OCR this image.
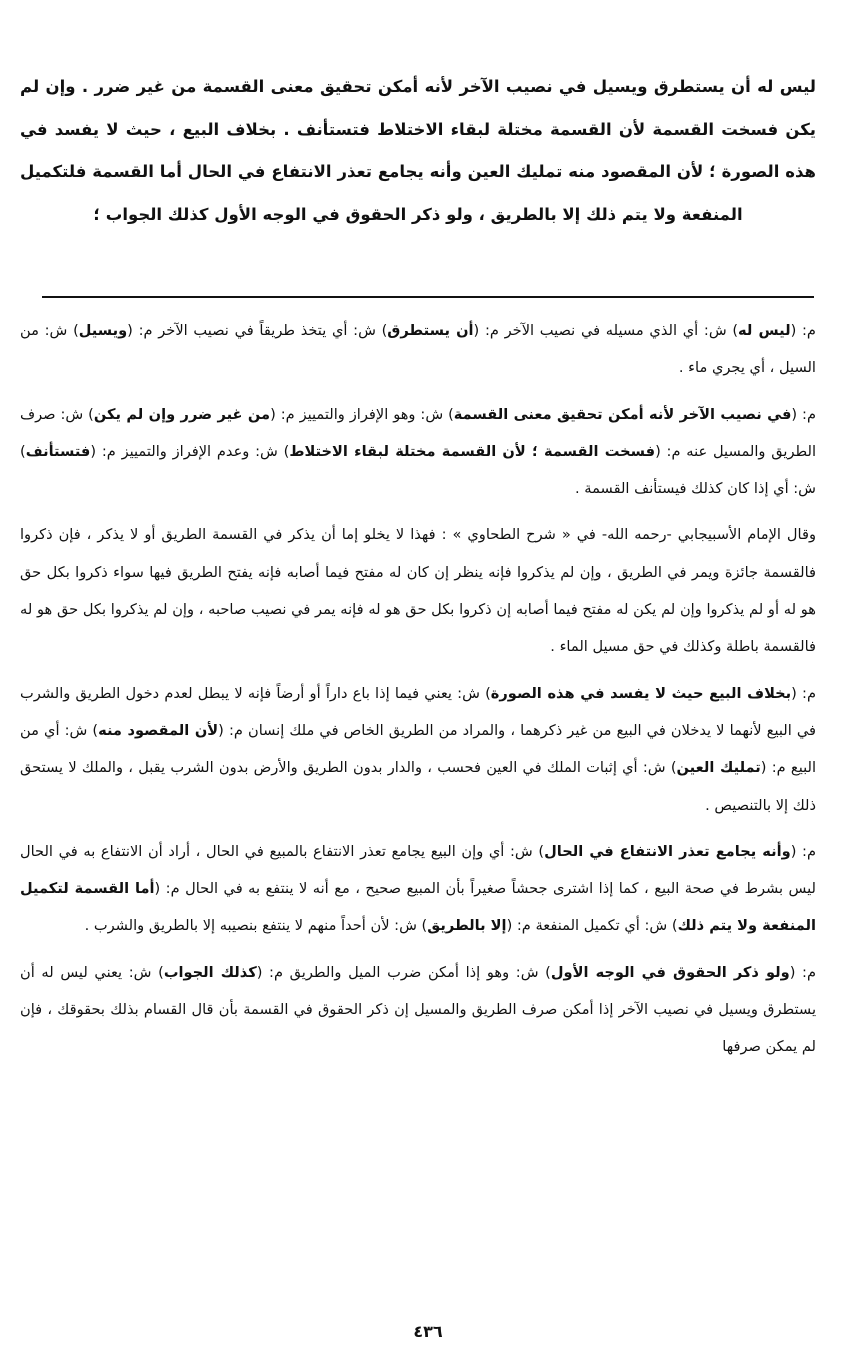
ليس له أن يستطرق ويسيل في نصيب الآخر لأنه أمكن تحقيق معنى القسمة من غير ضرر . وإن لم يكن فسخت القسمة لأن القسمة مختلة لبقاء الاختلاط فتستأنف . بخلاف البيع ، حيث لا يفسد في هذه الصورة ؛ لأن المقصود منه تمليك العين وأنه يجامع تعذر الانتفاع في الحال أما القسمة فلتكميل المنفعة ولا يتم ذلك إلا بالطريق ، ولو ذكر الحقوق في الوجه الأول كذلك الجواب ؛

م: (ليس له) ش: أي الذي مسيله في نصيب الآخر م: (أن يستطرق) ش: أي يتخذ طريقاً في نصيب الآخر م: (ويسيل) ش: من السيل ، أي يجري ماء .

م: (في نصيب الآخر لأنه أمكن تحقيق معنى القسمة) ش: وهو الإفراز والتمييز م: (من غير ضرر وإن لم يكن) ش: صرف الطريق والمسيل عنه م: (فسخت القسمة ؛ لأن القسمة مختلة لبقاء الاختلاط) ش: وعدم الإفراز والتمييز م: (فتستأنف) ش: أي إذا كان كذلك فيستأنف القسمة .

وقال الإمام الأسبيجابي -رحمه الله- في « شرح الطحاوي » : فهذا لا يخلو إما أن يذكر في القسمة الطريق أو لا يذكر ، فإن ذكروا فالقسمة جائزة ويمر في الطريق ، وإن لم يذكروا فإنه ينظر إن كان له مفتح فيما أصابه فإنه يفتح الطريق فيها سواء ذكروا بكل حق هو له أو لم يذكروا وإن لم يكن له مفتح فيما أصابه إن ذكروا بكل حق هو له فإنه يمر في نصيب صاحبه ، وإن لم يذكروا بكل حق هو له فالقسمة باطلة وكذلك في حق مسيل الماء .

م: (بخلاف البيع حيث لا يفسد في هذه الصورة) ش: يعني فيما إذا باع داراً أو أرضاً فإنه لا يبطل لعدم دخول الطريق والشرب في البيع لأنهما لا يدخلان في البيع من غير ذكرهما ، والمراد من الطريق الخاص في ملك إنسان م: (لأن المقصود منه) ش: أي من البيع م: (تمليك العين) ش: أي إثبات الملك في العين فحسب ، والدار بدون الطريق والأرض بدون الشرب يقبل ، والملك لا يستحق ذلك إلا بالتنصيص .

م: (وأنه يجامع تعذر الانتفاع في الحال) ش: أي وإن البيع يجامع تعذر الانتفاع بالمبيع في الحال ، أراد أن الانتفاع به في الحال ليس بشرط في صحة البيع ، كما إذا اشترى جحشاً صغيراً بأن المبيع صحيح ، مع أنه لا ينتفع به في الحال م: (أما القسمة لتكميل المنفعة ولا يتم ذلك) ش: أي تكميل المنفعة م: (إلا بالطريق) ش: لأن أحداً منهم لا ينتفع بنصيبه إلا بالطريق والشرب .

م: (ولو ذكر الحقوق في الوجه الأول) ش: وهو إذا أمكن ضرب الميل والطريق م: (كذلك الجواب) ش: يعني ليس له أن يستطرق ويسيل في نصيب الآخر إذا أمكن صرف الطريق والمسيل إن ذكر الحقوق في القسمة بأن قال القسام بذلك بحقوقك ، فإن لم يمكن صرفها

٤٣٦
